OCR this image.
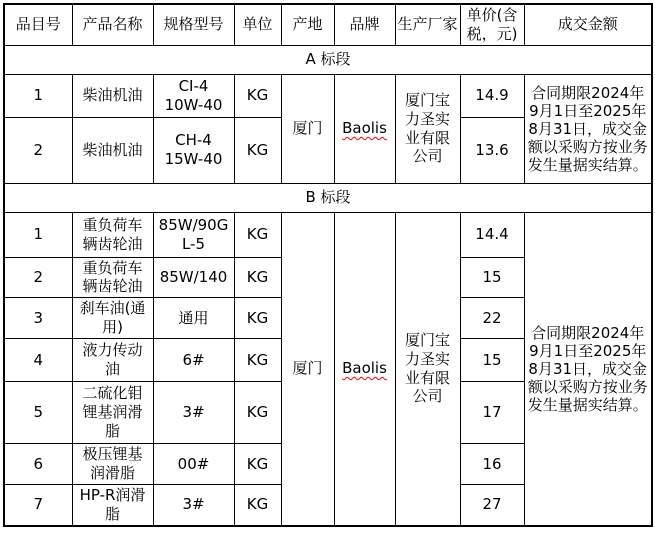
品目号	产品名称	规格型号	单位	产地	品牌	生产厂家	单价(含税，元)	成交金额
A 标段								
1	柴油机油	CI-4 10W-40	KG	厦门	Baolis	厦门宝力圣实业有限公司	14.9	合同期限2024年9月1日至2025年8月31日，成交金额以采购方按业务发生量据实结算。
2	柴油机油	CH-4 15W-40	KG				13.6	
B 标段								
1	重负荷车辆齿轮油	85W/90GL-5	KG	厦门	Baolis	厦门宝力圣实业有限公司	14.4	合同期限2024年9月1日至2025年8月31日，成交金额以采购方按业务发生量据实结算。
2	重负荷车辆齿轮油	85W/140	KG				15	
3	刹车油(通用)	通用	KG				22	
4	液力传动油	6#	KG				15	
5	二硫化钼锂基润滑脂	3#	KG				17	
6	极压锂基润滑脂	00#	KG				16	
7	HP-R润滑脂	3#	KG				27	
